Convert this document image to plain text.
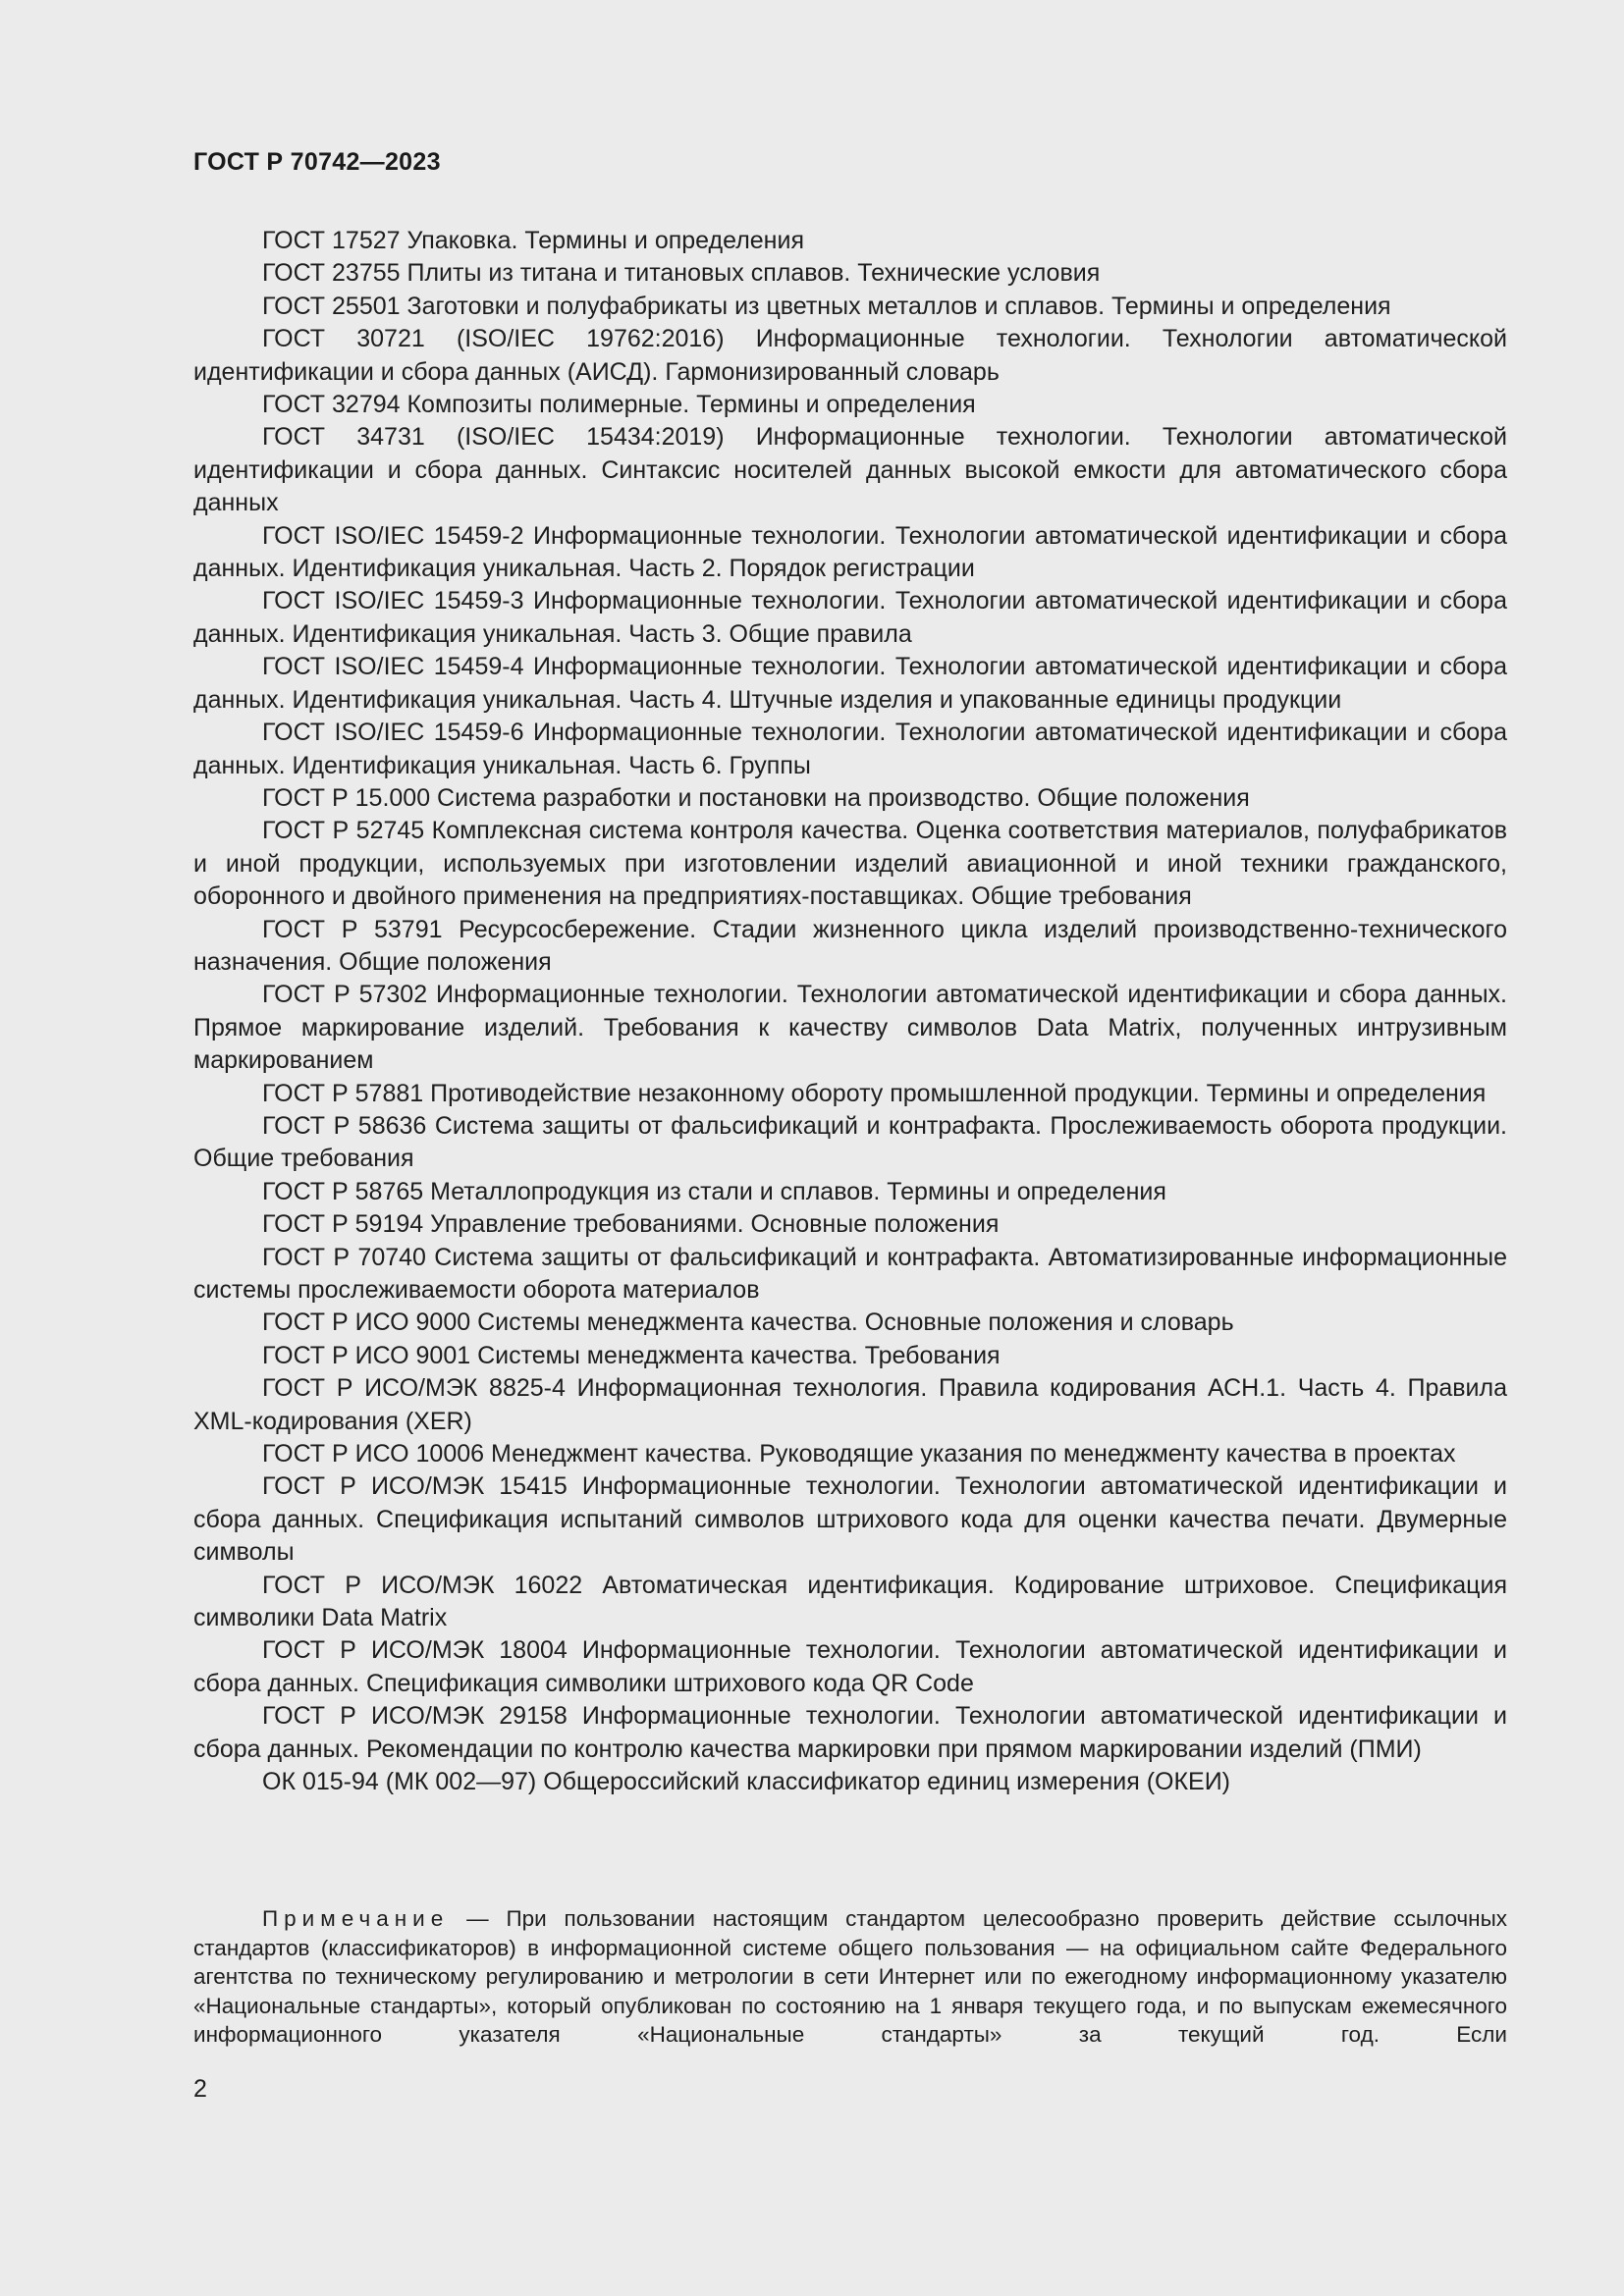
ГОСТ Р 70742—2023

ГОСТ 17527 Упаковка. Термины и определения

ГОСТ 23755 Плиты из титана и титановых сплавов. Технические условия

ГОСТ 25501 Заготовки и полуфабрикаты из цветных металлов и сплавов. Термины и определения

ГОСТ 30721 (ISO/IEC 19762:2016) Информационные технологии. Технологии автоматической идентификации и сбора данных (АИСД). Гармонизированный словарь

ГОСТ 32794 Композиты полимерные. Термины и определения

ГОСТ 34731 (ISO/IEC 15434:2019) Информационные технологии. Технологии автоматической идентификации и сбора данных. Синтаксис носителей данных высокой емкости для автоматического сбора данных

ГОСТ ISO/IEC 15459-2 Информационные технологии. Технологии автоматической идентификации и сбора данных. Идентификация уникальная. Часть 2. Порядок регистрации

ГОСТ ISO/IEC 15459-3 Информационные технологии. Технологии автоматической идентификации и сбора данных. Идентификация уникальная. Часть 3. Общие правила

ГОСТ ISO/IEC 15459-4 Информационные технологии. Технологии автоматической идентификации и сбора данных. Идентификация уникальная. Часть 4. Штучные изделия и упакованные единицы продукции

ГОСТ ISO/IEC 15459-6 Информационные технологии. Технологии автоматической идентификации и сбора данных. Идентификация уникальная. Часть 6. Группы

ГОСТ Р 15.000 Система разработки и постановки на производство. Общие положения

ГОСТ Р 52745 Комплексная система контроля качества. Оценка соответствия материалов, полуфабрикатов и иной продукции, используемых при изготовлении изделий авиационной и иной техники гражданского, оборонного и двойного применения на предприятиях-поставщиках. Общие требования

ГОСТ Р 53791 Ресурсосбережение. Стадии жизненного цикла изделий производственно-технического назначения. Общие положения

ГОСТ Р 57302 Информационные технологии. Технологии автоматической идентификации и сбора данных. Прямое маркирование изделий. Требования к качеству символов Data Matrix, полученных интрузивным маркированием

ГОСТ Р 57881 Противодействие незаконному обороту промышленной продукции. Термины и определения

ГОСТ Р 58636 Система защиты от фальсификаций и контрафакта. Прослеживаемость оборота продукции. Общие требования

ГОСТ Р 58765 Металлопродукция из стали и сплавов. Термины и определения

ГОСТ Р 59194 Управление требованиями. Основные положения

ГОСТ Р 70740 Система защиты от фальсификаций и контрафакта. Автоматизированные информационные системы прослеживаемости оборота материалов

ГОСТ Р ИСО 9000 Системы менеджмента качества. Основные положения и словарь

ГОСТ Р ИСО 9001 Системы менеджмента качества. Требования

ГОСТ Р ИСО/МЭК 8825-4 Информационная технология. Правила кодирования АСН.1. Часть 4. Правила XML-кодирования (XER)

ГОСТ Р ИСО 10006 Менеджмент качества. Руководящие указания по менеджменту качества в проектах

ГОСТ Р ИСО/МЭК 15415 Информационные технологии. Технологии автоматической идентификации и сбора данных. Спецификация испытаний символов штрихового кода для оценки качества печати. Двумерные символы

ГОСТ Р ИСО/МЭК 16022 Автоматическая идентификация. Кодирование штриховое. Спецификация символики Data Matrix

ГОСТ Р ИСО/МЭК 18004 Информационные технологии. Технологии автоматической идентификации и сбора данных. Спецификация символики штрихового кода QR Code

ГОСТ Р ИСО/МЭК 29158 Информационные технологии. Технологии автоматической идентификации и сбора данных. Рекомендации по контролю качества маркировки при прямом маркировании изделий (ПМИ)

ОК 015-94 (МК 002—97) Общероссийский классификатор единиц измерения (ОКЕИ)

Примечание — При пользовании настоящим стандартом целесообразно проверить действие ссылочных стандартов (классификаторов) в информационной системе общего пользования — на официальном сайте Федерального агентства по техническому регулированию и метрологии в сети Интернет или по ежегодному информационному указателю «Национальные стандарты», который опубликован по состоянию на 1 января текущего года, и по выпускам ежемесячного информационного указателя «Национальные стандарты» за текущий год. Если
2
